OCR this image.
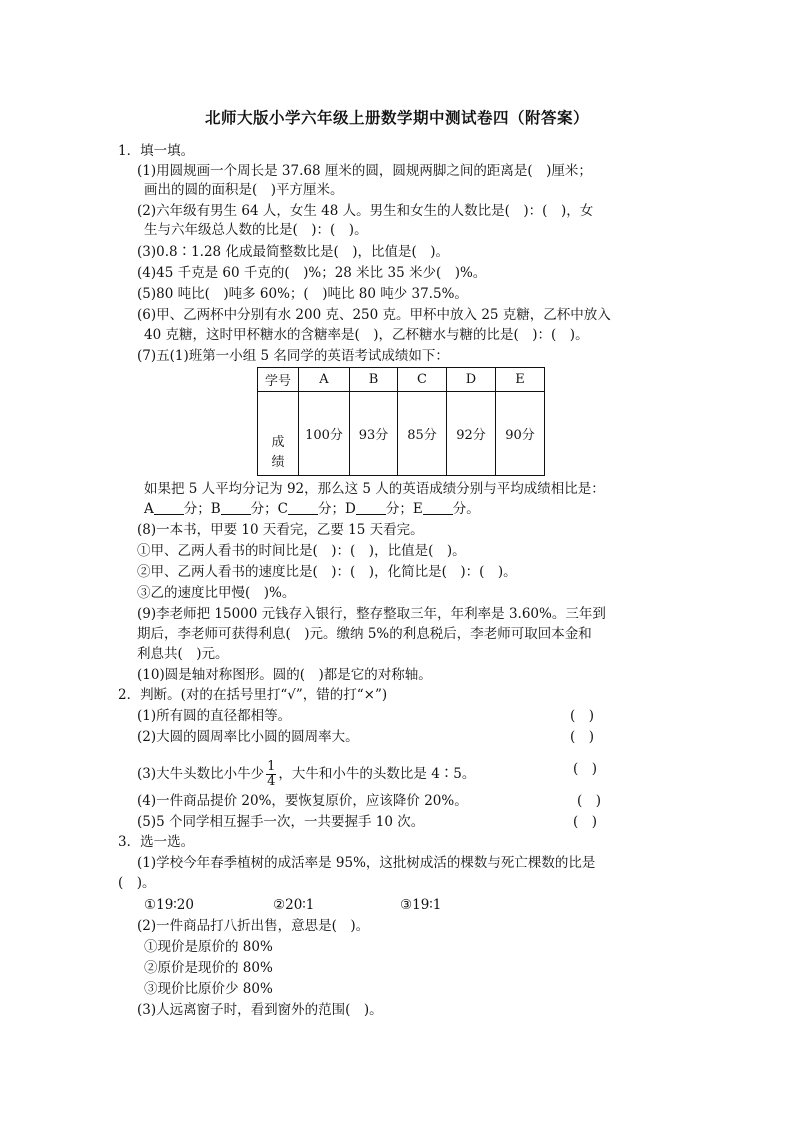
北师大版小学六年级上册数学期中测试卷四（附答案）
1．填一填。
(1)用圆规画一个周长是 37.68 厘米的圆，圆规两脚之间的距离是(　)厘米；
画出的圆的面积是(　)平方厘米。
(2)六年级有男生 64 人，女生 48 人。男生和女生的人数比是(　)：(　)，女
生与六年级总人数的比是(　)：(　)。
(3)0.8∶1.28 化成最简整数比是(　)，比值是(　)。
(4)45 千克是 60 千克的(　)%；28 米比 35 米少(　)%。
(5)80 吨比(　)吨多 60%；(　)吨比 80 吨少 37.5%。
(6)甲、乙两杯中分别有水 200 克、250 克。甲杯中放入 25 克糖，乙杯中放入
40 克糖，这时甲杯糖水的含糖率是(　)，乙杯糖水与糖的比是(　)：(　)。
(7)五(1)班第一小组 5 名同学的英语考试成绩如下：
学号	A	B	C	D	E

成绩	100分	93分	85分	92分	90分
如果把 5 人平均分记为 92，那么这 5 人的英语成绩分别与平均成绩相比是：
A 分；B 分；C 分；D 分；E 分。
(8)一本书，甲要 10 天看完，乙要 15 天看完。
①甲、乙两人看书的时间比是(　)：(　)，比值是(　)。
②甲、乙两人看书的速度比是(　)：(　)，化简比是(　)：(　)。
③乙的速度比甲慢(　)%。
(9)李老师把 15000 元钱存入银行，整存整取三年，年利率是 3.60%。三年到
期后，李老师可获得利息(　)元。缴纳 5%的利息税后，李老师可取回本金和
利息共(　)元。
(10)圆是轴对称图形。圆的(　)都是它的对称轴。
2．判断。(对的在括号里打“√”，错的打“×”)
(1)所有圆的直径都相等。	(　)
(2)大圆的圆周率比小圆的圆周率大。	(　)
(3)大牛头数比小牛少 $\frac{1}{4}$ ，大牛和小牛的头数比是 4∶5。	(　)
(4)一件商品提价 20%，要恢复原价，应该降价 20%。	(　)
(5)5 个同学相互握手一次，一共要握手 10 次。	(　)
3．选一选。
(1)学校今年春季植树的成活率是 95%，这批树成活的棵数与死亡棵数的比是
(　)。
①19∶20	②20∶1	③19∶1
(2)一件商品打八折出售，意思是(　)。
①现价是原价的 80%
②原价是现价的 80%
③现价比原价少 80%
(3)人远离窗子时，看到窗外的范围(　)。
